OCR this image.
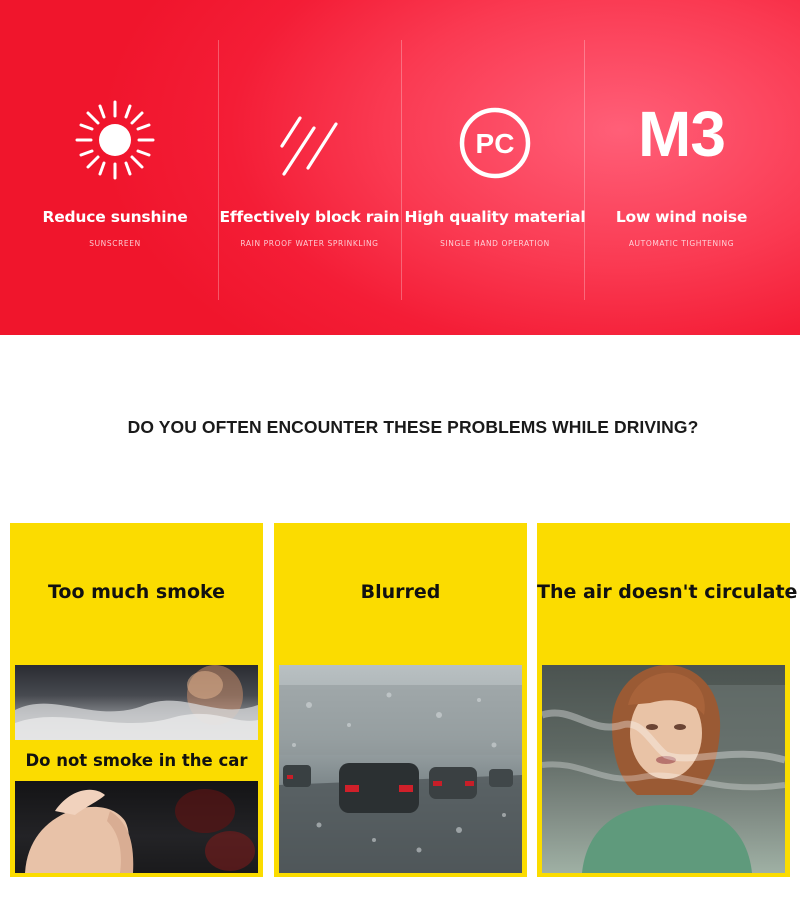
Reduce sunshine
SUNSCREEN
Effectively block rain
RAIN PROOF WATER SPRINKLING
PC
High quality material
SINGLE HAND OPERATION
M3
Low wind noise
AUTOMATIC TIGHTENING
DO YOU OFTEN ENCOUNTER THESE PROBLEMS WHILE DRIVING?
Too much smoke
Do not smoke in the car
Blurred	The air doesn't circulate
